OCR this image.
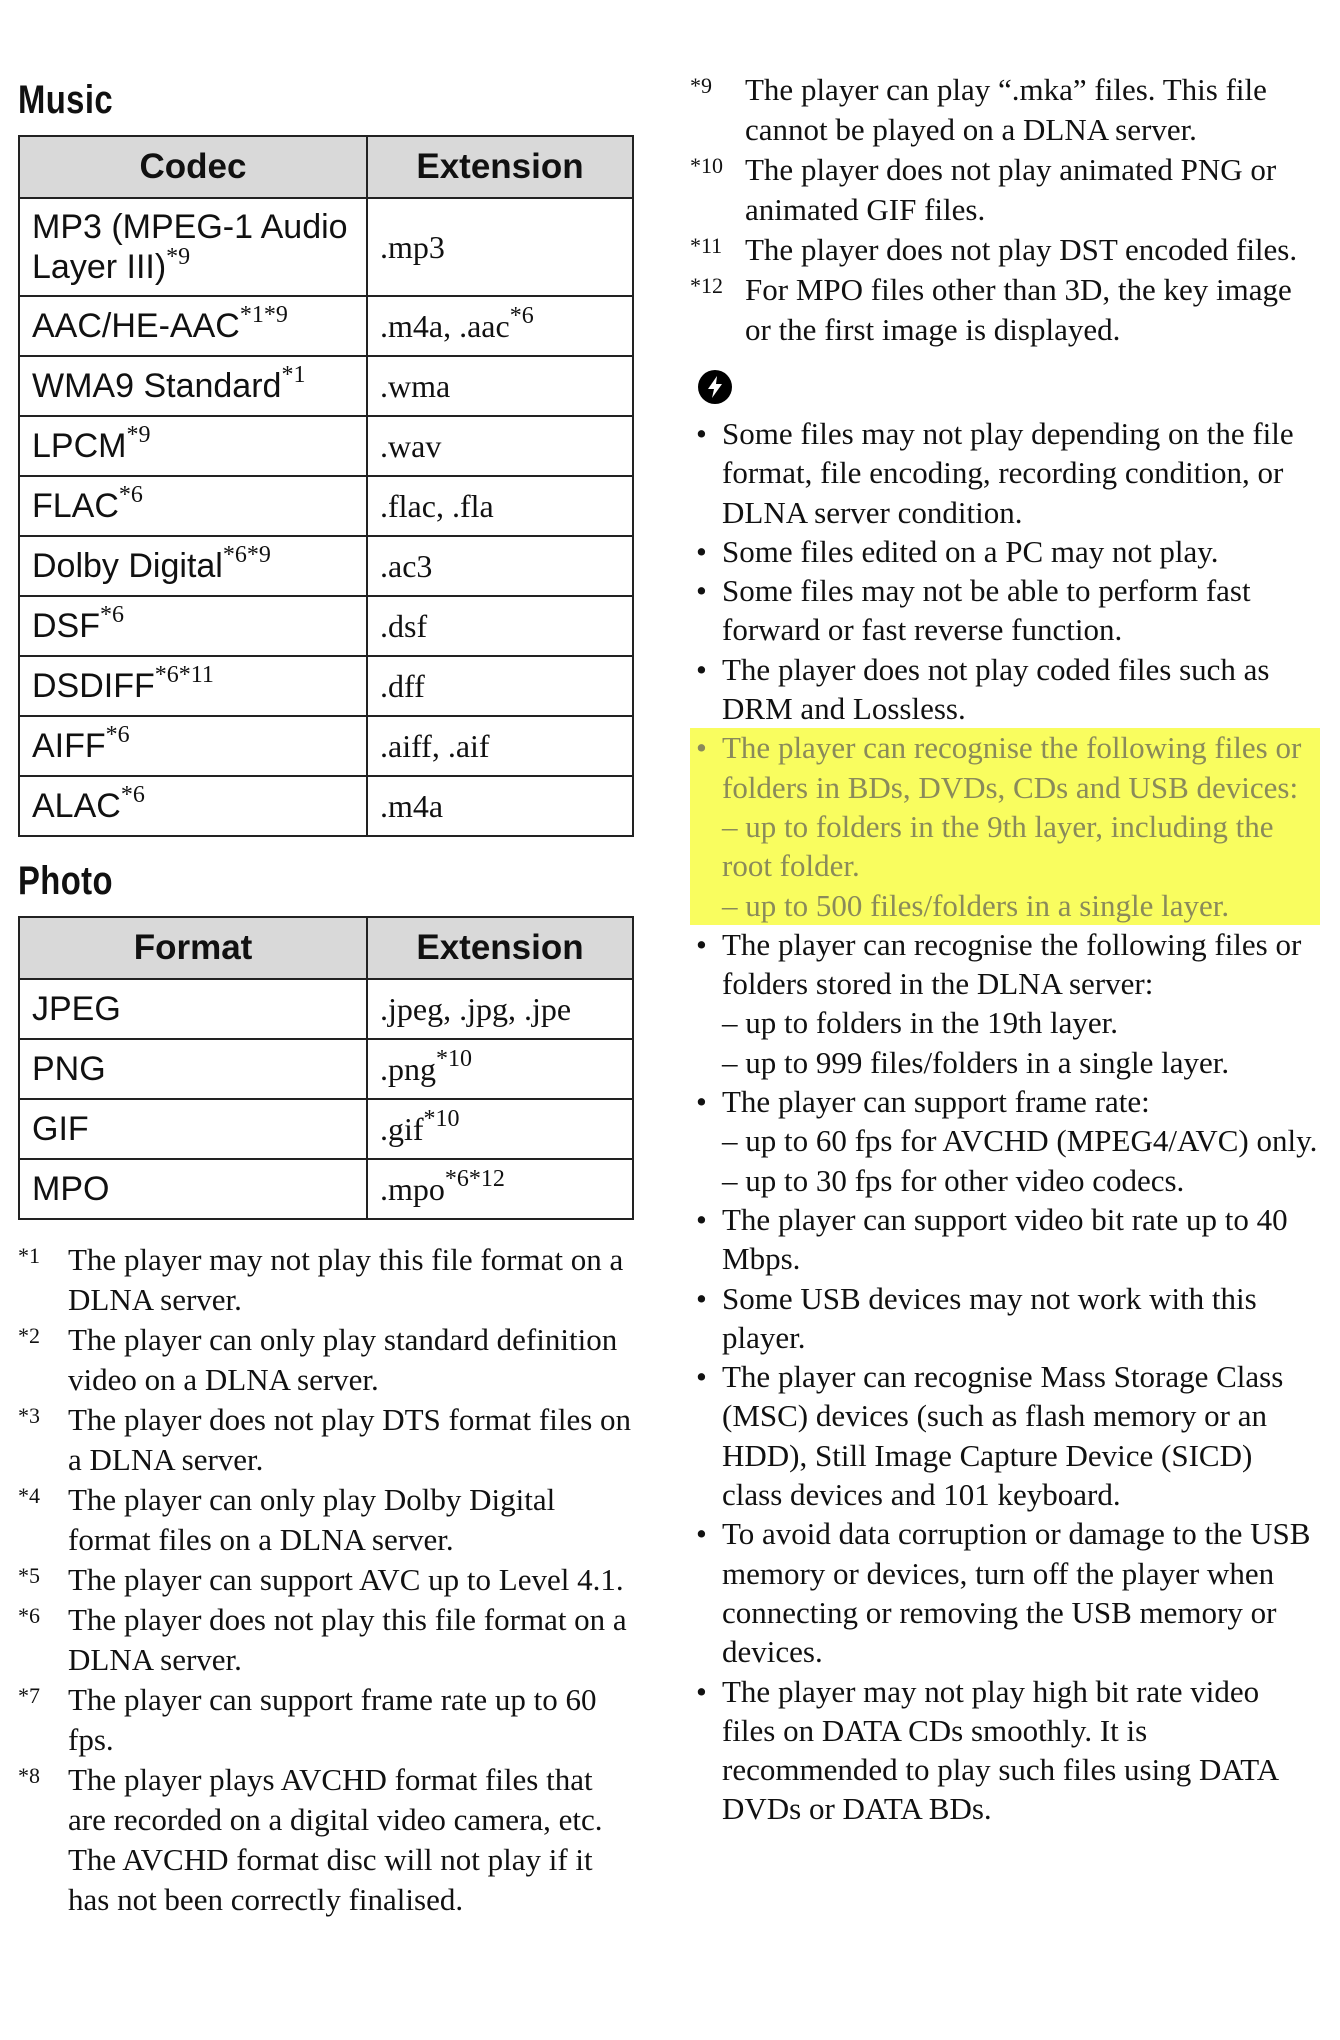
Music
Codec	Extension
MP3 (MPEG-1 Audio
Layer III)$^{*9}$	.mp3
AAC/$HE-AAC^{*1*9}$	.m4a, .aac$^{*6}$
WMA9 Standard$^{*1}$	.wma
LPCM$^{*9}$	.wav
FLAC$^{*6}$	.flac, .fla
Dolby Digital$^{*6*9}$	.ac3
DSF$^{*6}$	.dsf
$DSDIFF^{*6*11}$	.dff
AIFF$^{*6}$	.aiff, .aif
ALAC$^{*6}$	.m4a
Photo
Format	Extension
JPEG	.jpeg, .jpg, .jpe
PNG	.png$^{*10}$
GIF	.gif$^{*10}$
MPO	.mpo$^{*6*12}$
*1 The player may not play this file format on a DLNA server.
*2 The player can only play standard definition video on a DLNA server.
*3 The player does not play DTS format files on a DLNA server.
*4 The player can only play Dolby Digital format files on a DLNA server.
*5 The player can support AVC up to Level 4.1.
*6 The player does not play this file format on a DLNA server.
*7 The player can support frame rate up to 60 fps.
*8 The player plays AVCHD format files that are recorded on a digital video camera, etc. The AVCHD format disc will not play if it has not been correctly finalised.
*9	The player can play “.mka” files. This file cannot be played on a DLNA server.
*10 The player does not play animated PNG or animated GIF files.
*11 The player does not play DST encoded files.
*12 For MPO files other than 3D, the key image or the first image is displayed.
• Some files may not play depending on the file format, file encoding, recording condition, or DLNA server condition.
• Some files edited on a PC may not play.
• Some files may not be able to perform fast forward or fast reverse function.
• The player does not play coded files such as DRM and Lossless.
• The player can recognise the following files or folders in BDs, DVDs, CDs and USB devices:
– up to folders in the 9th layer, including the root folder.
– up to 500 files/folders in a single layer.
• The player can recognise the following files or folders stored in the DLNA server:
– up to folders in the 19th layer.
– up to 999 files/folders in a single layer.
• The player can support frame rate:
– up to 60 fps for AVCHD (MPEG4/AVC) only.
– up to 30 fps for other video codecs.
• The player can support video bit rate up to 40 Mbps.
• Some USB devices may not work with this player.
• The player can recognise Mass Storage Class (MSC) devices (such as flash memory or an HDD), Still Image Capture Device (SICD) class devices and 101 keyboard.
• To avoid data corruption or damage to the USB memory or devices, turn off the player when connecting or removing the USB memory or devices.
• The player may not play high bit rate video files on DATA CDs smoothly. It is recommended to play such files using DATA DVDs or DATA BDs.
